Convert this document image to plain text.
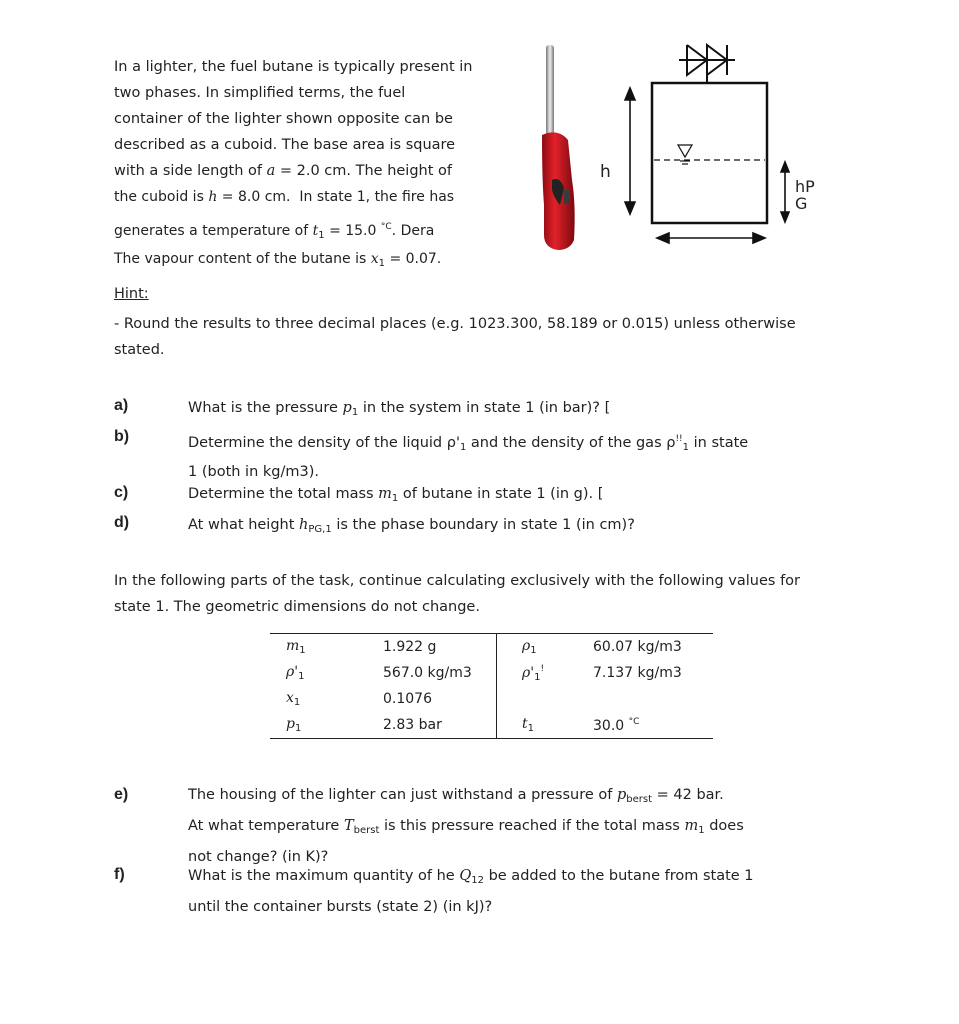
In a lighter, the fuel butane is typically present in

two phases. In simplified terms, the fuel

container of the lighter shown opposite can be

described as a cuboid. The base area is square

with a side length of a = 2.0 cm. The height of

the cuboid is h = 8.0 cm. In state 1, the fire has

generates a temperature of $t_1 = 15.0$ $^{^\circ C}$. Dera

The vapour content of the butane is $x_1 = 0.07$.

h
hP
G
Hint:
- Round the results to three decimal places (e.g. 1023.300, 58.189 or 0.015) unless otherwise stated.
a)	What is the pressure $p_1$ in the system in state 1 (in bar)? [
b)	Determine the density of the liquid $\rho'_1$ and the density of the gas $\rho^{!!}_1$ in state
1 (both in kg/m3).
c)	Determine the total mass $m_1$ of butane in state 1 (in g). [
d)	At what height $h_{PG,1}$ is the phase boundary in state 1 (in cm)?
In the following parts of the task, continue calculating exclusively with the following values for state 1. The geometric dimensions do not change.
$m_1$	1.922 g	$\rho_1$	60.07 kg/m3
$\rho'_1$	567.0 kg/m3	$\rho'_1^!$	7.137 kg/m3
$x_1$	0.1076		
$p_1$	2.83 bar	$t_1$	30.0 $^{^\circ C}$
e)	The housing of the lighter can just withstand a pressure of $p_{berst} = 42$ bar.
At what temperature $T_{berst}$ is this pressure reached if the total mass $m_1$ does
not change? (in K)?
f)	What is the maximum quantity of he $Q_{12}$ be added to the butane from state 1
until the container bursts (state 2) (in kJ)?
